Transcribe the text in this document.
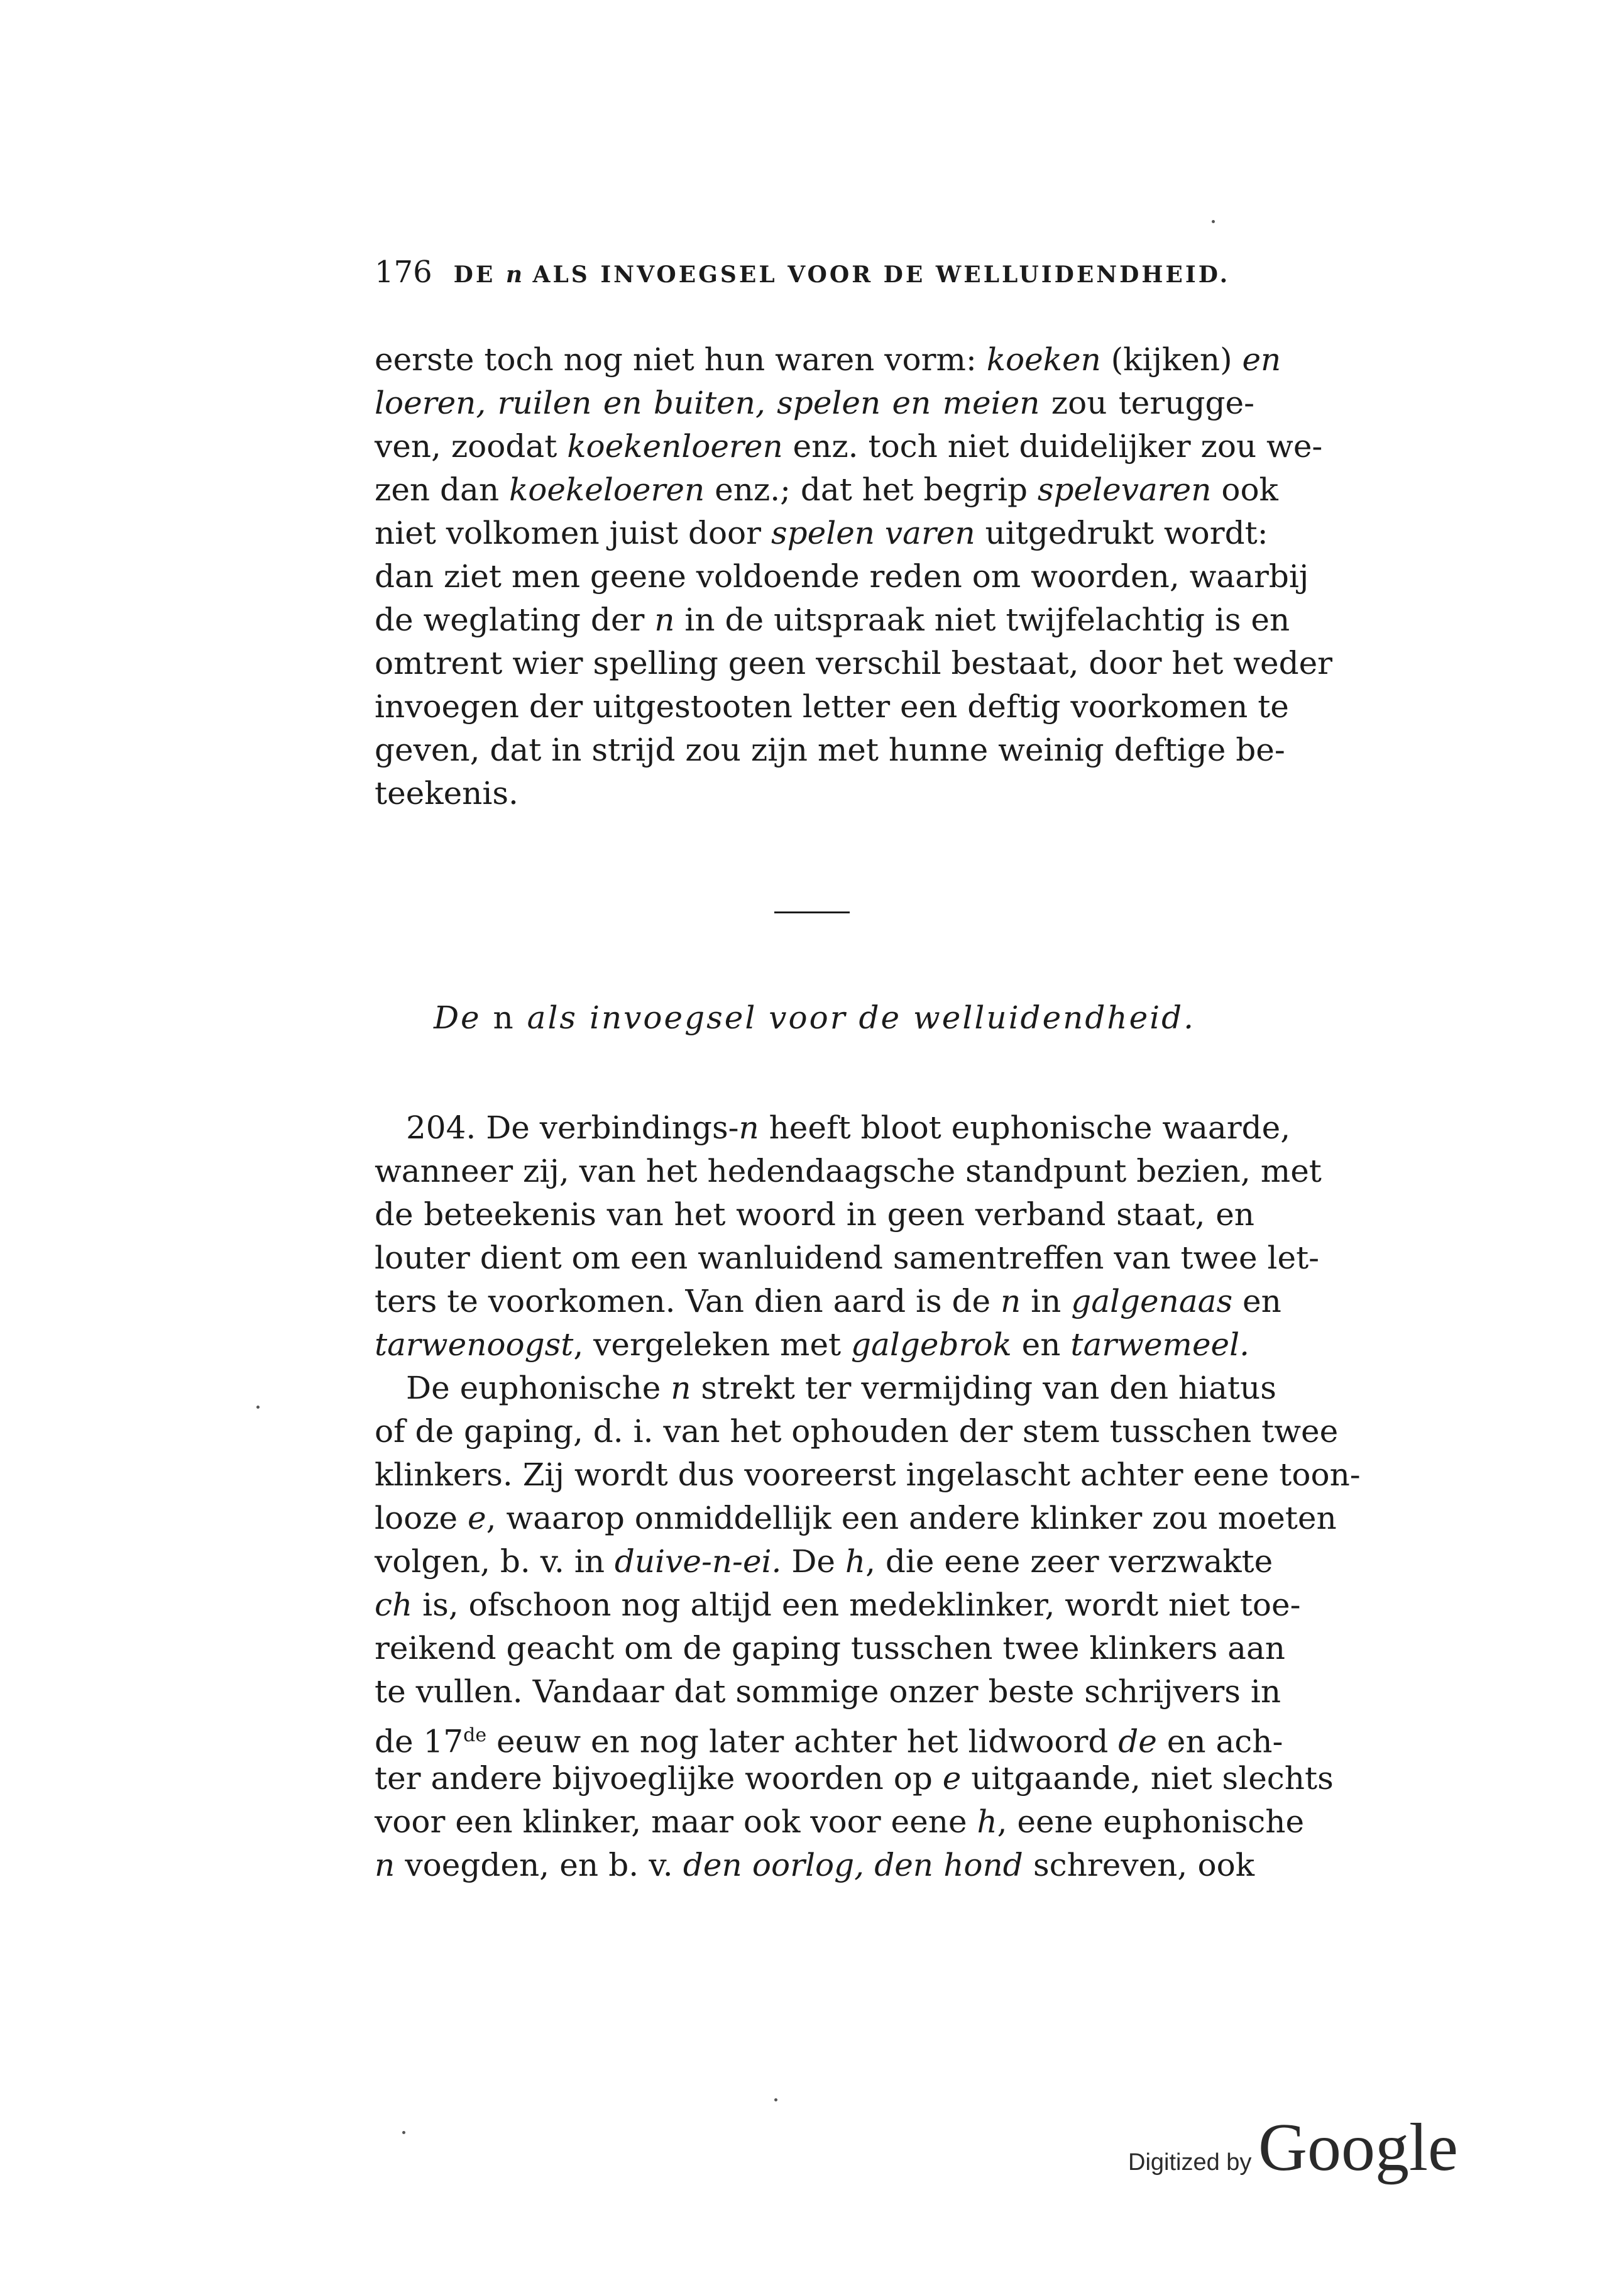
176 DE n ALS INVOEGSEL VOOR DE WELLUIDENDHEID.
eerste toch nog niet hun waren vorm: koeken (kijken) en
loeren, ruilen en buiten, spelen en meien zou terugge-
ven, zoodat koekenloeren enz. toch niet duidelijker zou we-
zen dan koekeloeren enz.; dat het begrip spelevaren ook
niet volkomen juist door spelen varen uitgedrukt wordt:
dan ziet men geene voldoende reden om woorden, waarbij
de weglating der n in de uitspraak niet twijfelachtig is en
omtrent wier spelling geen verschil bestaat, door het weder
invoegen der uitgestooten letter een deftig voorkomen te
geven, dat in strijd zou zijn met hunne weinig deftige be-
teekenis.
De n als invoegsel voor de welluidendheid.
204. De verbindings-n heeft bloot euphonische waarde,
wanneer zij, van het hedendaagsche standpunt bezien, met
de beteekenis van het woord in geen verband staat, en
louter dient om een wanluidend samentreffen van twee let-
ters te voorkomen. Van dien aard is de n in galgenaas en
tarwenoogst, vergeleken met galgebrok en tarwemeel.
De euphonische n strekt ter vermijding van den hiatus
of de gaping, d. i. van het ophouden der stem tusschen twee
klinkers. Zij wordt dus vooreerst ingelascht achter eene toon-
looze e, waarop onmiddellijk een andere klinker zou moeten
volgen, b. v. in duive-n-ei. De h, die eene zeer verzwakte
ch is, ofschoon nog altijd een medeklinker, wordt niet toe-
reikend geacht om de gaping tusschen twee klinkers aan
te vullen. Vandaar dat sommige onzer beste schrijvers in
de 17de eeuw en nog later achter het lidwoord de en ach-
ter andere bijvoeglijke woorden op e uitgaande, niet slechts
voor een klinker, maar ook voor eene h, eene euphonische
n voegden, en b. v. den oorlog, den hond schreven, ook
Digitized by Google
